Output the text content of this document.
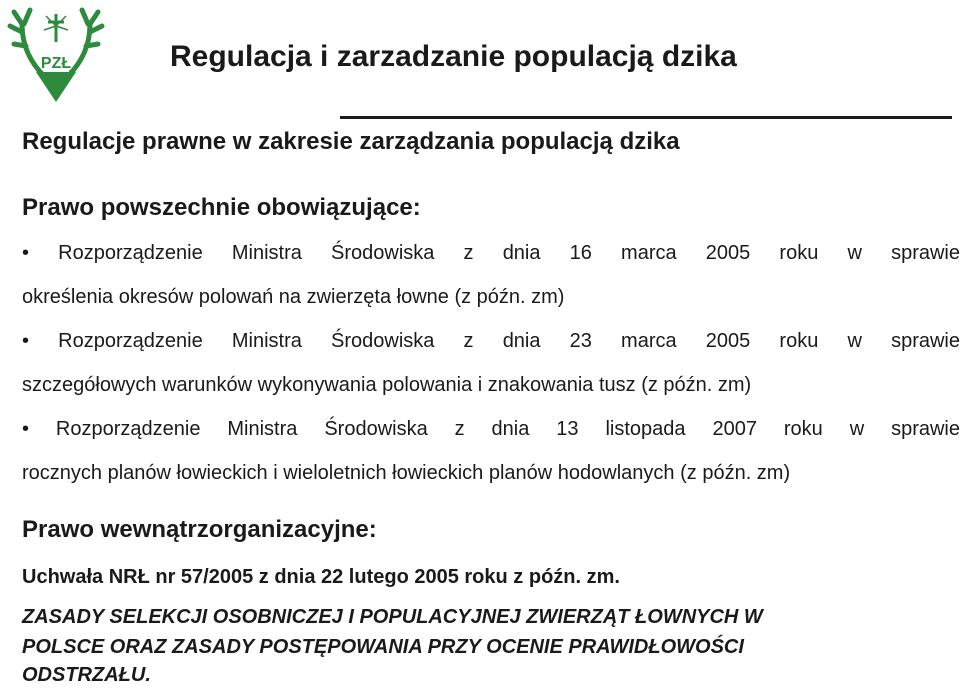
PZŁ	Regulacja i zarzadzanie populacją dzika
Regulacje prawne w zakresie zarządzania populacją dzika
Prawo powszechnie obowiązujące:

• Rozporządzenie Ministra Środowiska z dnia 16 marca 2005 roku w sprawie

określenia okresów polowań na zwierzęta łowne (z późn. zm)

• Rozporządzenie Ministra Środowiska z dnia 23 marca 2005 roku w sprawie

szczegółowych warunków wykonywania polowania i znakowania tusz (z późn. zm)

• Rozporządzenie Ministra Środowiska z dnia 13 listopada 2007 roku w sprawie

rocznych planów łowieckich i wieloletnich łowieckich planów hodowlanych (z późn. zm)

Prawo wewnątrzorganizacyjne:

Uchwała NRŁ nr 57/2005 z dnia 22 lutego 2005 roku z późn. zm.

ZASADY SELEKCJI OSOBNICZEJ I POPULACYJNEJ ZWIERZĄT ŁOWNYCH W

POLSCE ORAZ ZASADY POSTĘPOWANIA PRZY OCENIE PRAWIDŁOWOŚCI

ODSTRZAŁU.
